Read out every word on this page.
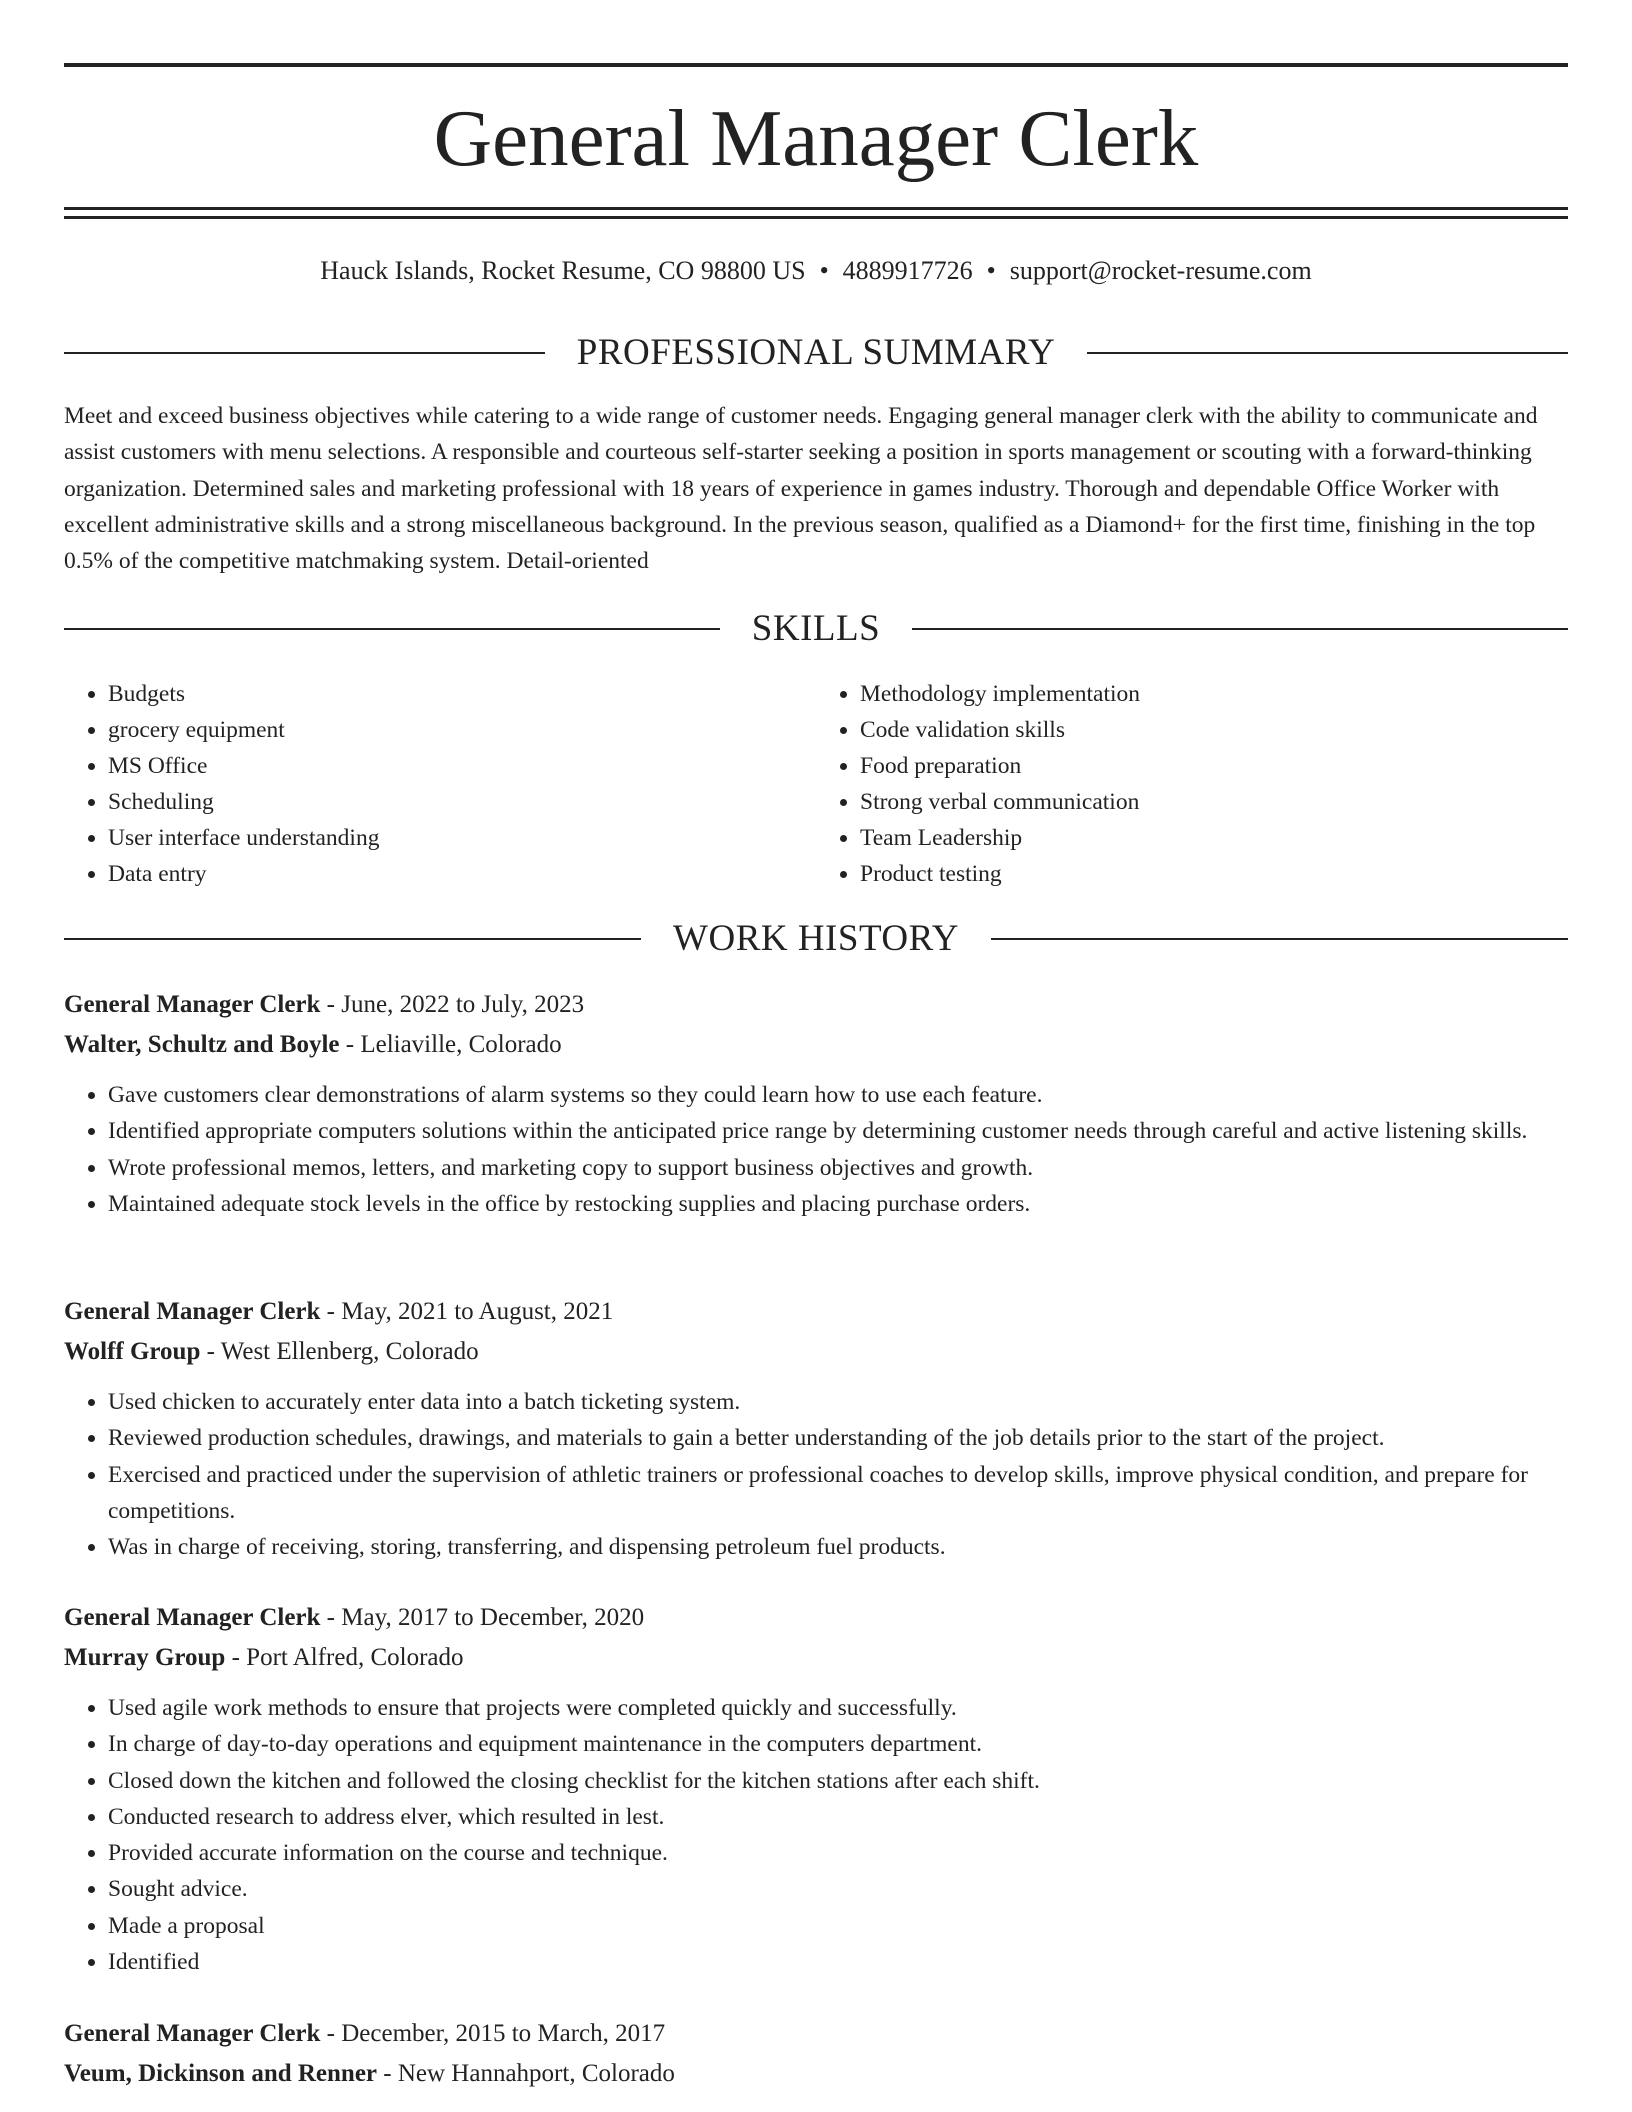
General Manager Clerk
Hauck Islands, Rocket Resume, CO 98800 US • 4889917726 • support@rocket-resume.com
PROFESSIONAL SUMMARY

Meet and exceed business objectives while catering to a wide range of customer needs. Engaging general manager clerk with the ability to communicate and assist customers with menu selections. A responsible and courteous self-starter seeking a position in sports management or scouting with a forward-thinking organization. Determined sales and marketing professional with 18 years of experience in games industry. Thorough and dependable Office Worker with excellent administrative skills and a strong miscellaneous background. In the previous season, qualified as a Diamond+ for the first time, finishing in the top 0.5% of the competitive matchmaking system. Detail-oriented

SKILLS
• Budgets
• grocery equipment
• MS Office
• Scheduling
• User interface understanding
• Data entry
• Methodology implementation
• Code validation skills
• Food preparation
• Strong verbal communication
• Team Leadership
• Product testing
WORK HISTORY
General Manager Clerk - June, 2022 to July, 2023
Walter, Schultz and Boyle - Leliaville, Colorado
• Gave customers clear demonstrations of alarm systems so they could learn how to use each feature.
• Identified appropriate computers solutions within the anticipated price range by determining customer needs through careful and active listening skills.
• Wrote professional memos, letters, and marketing copy to support business objectives and growth.
• Maintained adequate stock levels in the office by restocking supplies and placing purchase orders.
General Manager Clerk - May, 2021 to August, 2021
Wolff Group - West Ellenberg, Colorado
• Used chicken to accurately enter data into a batch ticketing system.
• Reviewed production schedules, drawings, and materials to gain a better understanding of the job details prior to the start of the project.
• Exercised and practiced under the supervision of athletic trainers or professional coaches to develop skills, improve physical condition, and prepare for competitions.
• Was in charge of receiving, storing, transferring, and dispensing petroleum fuel products.
General Manager Clerk - May, 2017 to December, 2020
Murray Group - Port Alfred, Colorado
• Used agile work methods to ensure that projects were completed quickly and successfully.
• In charge of day-to-day operations and equipment maintenance in the computers department.
• Closed down the kitchen and followed the closing checklist for the kitchen stations after each shift.
• Conducted research to address elver, which resulted in lest.
• Provided accurate information on the course and technique.
• Sought advice.
• Made a proposal
• Identified
General Manager Clerk - December, 2015 to March, 2017
Veum, Dickinson and Renner - New Hannahport, Colorado
